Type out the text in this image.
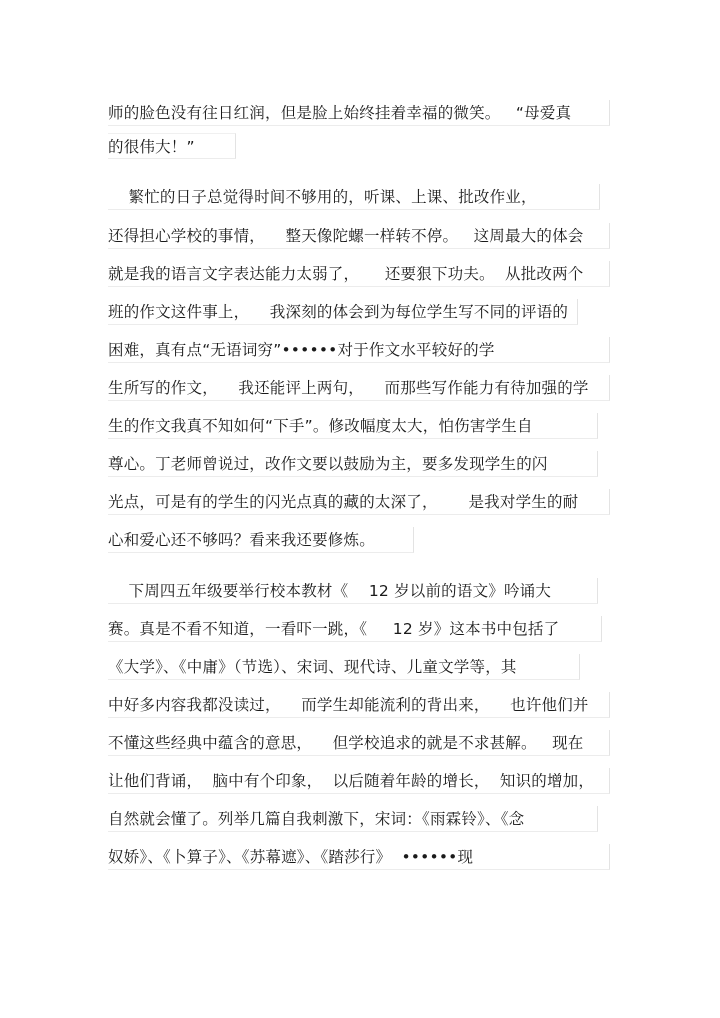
师的脸色没有往日红润，但是脸上始终挂着幸福的微笑。   “母爱真
的很伟大！”
繁忙的日子总觉得时间不够用的，听课、上课、批改作业，
还得担心学校的事情，    整天像陀螺一样转不停。   这周最大的体会
就是我的语言文字表达能力太弱了，     还要狠下功夫。  从批改两个
班的作文这件事上，    我深刻的体会到为每位学生写不同的评语的
困难，真有点“无语词穷”••••••对于作文水平较好的学
生所写的作文，    我还能评上两句，    而那些写作能力有待加强的学
生的作文我真不知如何“下手”。修改幅度太大，怕伤害学生自
尊心。丁老师曾说过，改作文要以鼓励为主，要多发现学生的闪
光点，可是有的学生的闪光点真的藏的太深了，      是我对学生的耐
心和爱心还不够吗？看来我还要修炼。
下周四五年级要举行校本教材《    12 岁以前的语文》吟诵大
赛。真是不看不知道，一看吓一跳，《     12 岁》这本书中包括了
《大学》、《中庸》（节选）、宋词、现代诗、儿童文学等，其
中好多内容我都没读过，    而学生却能流利的背出来，    也许他们并
不懂这些经典中蕴含的意思，    但学校追求的就是不求甚解。   现在
让他们背诵，  脑中有个印象，  以后随着年龄的增长，  知识的增加，
自然就会懂了。列举几篇自我刺激下，宋词：《雨霖铃》、《念
奴娇》、《卜算子》、《苏幕遮》、《踏莎行》  ••••••现
